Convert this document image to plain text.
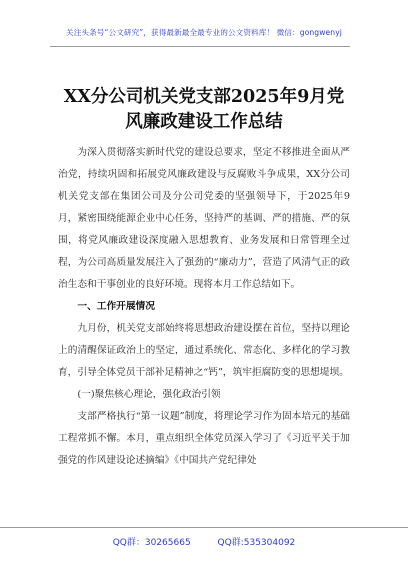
关注头条号“公文研究”，获得最新最全最专业的公文资料库！ 微信：gongwenyj
XX分公司机关党支部2025年9月党风廉政建设工作总结

为深入贯彻落实新时代党的建设总要求，坚定不移推进全面从严治党，持续巩固和拓展党风廉政建设与反腐败斗争成果，XX分公司机关党支部在集团公司及分公司党委的坚强领导下，于2025年9月，紧密围绕能源企业中心任务，坚持严的基调、严的措施、严的氛围，将党风廉政建设深度融入思想教育、业务发展和日常管理全过程，为公司高质量发展注入了强劲的“廉动力”，营造了风清气正的政治生态和干事创业的良好环境。现将本月工作总结如下。

一、工作开展情况

九月份，机关党支部始终将思想政治建设摆在首位，坚持以理论上的清醒保证政治上的坚定，通过系统化、常态化、多样化的学习教育，引导全体党员干部补足精神之“钙”，筑牢拒腐防变的思想堤坝。

(一)聚焦核心理论，强化政治引领

支部严格执行“第一议题”制度，将理论学习作为固本培元的基础工程常抓不懈。本月，重点组织全体党员深入学习了《习近平关于加强党的作风建设论述摘编》《中国共产党纪律处

QQ群：30265665	QQ群:535304092
